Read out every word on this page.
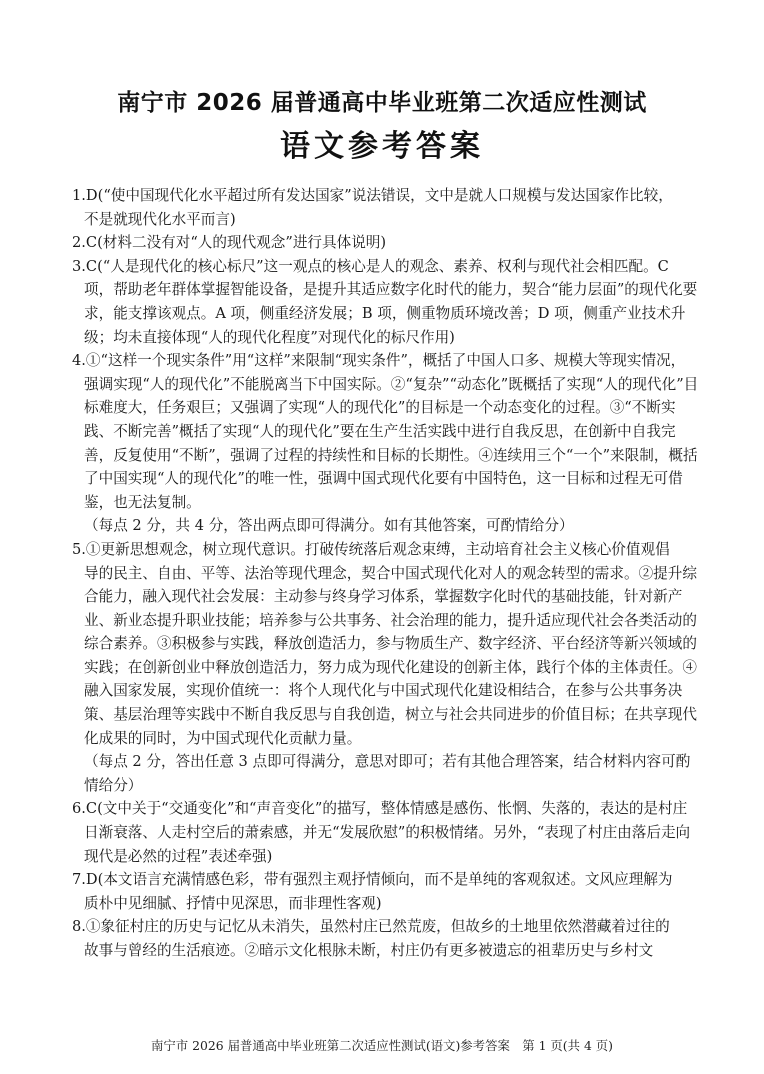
南宁市 2026 届普通高中毕业班第二次适应性测试
语文参考答案
1.D(“使中国现代化水平超过所有发达国家”说法错误，文中是就人口规模与发达国家作比较，
不是就现代化水平而言)
2.C(材料二没有对“人的现代观念”进行具体说明)
3.C(“人是现代化的核心标尺”这一观点的核心是人的观念、素养、权利与现代社会相匹配。C
项，帮助老年群体掌握智能设备，是提升其适应数字化时代的能力，契合“能力层面”的现代化要求，能支撑该观点。A 项，侧重经济发展；B 项，侧重物质环境改善；D 项，侧重产业技术升级；均未直接体现“人的现代化程度”对现代化的标尺作用)
4.①“这样一个现实条件”用“这样”来限制“现实条件”，概括了中国人口多、规模大等现实情况，
强调实现“人的现代化”不能脱离当下中国实际。②“复杂”“动态化”既概括了实现“人的现代化”目标难度大，任务艰巨；又强调了实现“人的现代化”的目标是一个动态变化的过程。③“不断实践、不断完善”概括了实现“人的现代化”要在生产生活实践中进行自我反思，在创新中自我完善，反复使用“不断”，强调了过程的持续性和目标的长期性。④连续用三个“一个”来限制，概括了中国实现“人的现代化”的唯一性，强调中国式现代化要有中国特色，这一目标和过程无可借鉴，也无法复制。
（每点 2 分，共 4 分，答出两点即可得满分。如有其他答案，可酌情给分）
5.①更新思想观念，树立现代意识。打破传统落后观念束缚，主动培育社会主义核心价值观倡
导的民主、自由、平等、法治等现代理念，契合中国式现代化对人的观念转型的需求。②提升综合能力，融入现代社会发展：主动参与终身学习体系，掌握数字化时代的基础技能，针对新产业、新业态提升职业技能；培养参与公共事务、社会治理的能力，提升适应现代社会各类活动的综合素养。③积极参与实践，释放创造活力，参与物质生产、数字经济、平台经济等新兴领域的实践；在创新创业中释放创造活力，努力成为现代化建设的创新主体，践行个体的主体责任。④融入国家发展，实现价值统一：将个人现代化与中国式现代化建设相结合，在参与公共事务决策、基层治理等实践中不断自我反思与自我创造，树立与社会共同进步的价值目标；在共享现代化成果的同时，为中国式现代化贡献力量。
（每点 2 分，答出任意 3 点即可得满分，意思对即可；若有其他合理答案，结合材料内容可酌
情给分）
6.C(文中关于“交通变化”和“声音变化”的描写，整体情感是感伤、怅惘、失落的，表达的是村庄
日渐衰落、人走村空后的萧索感，并无“发展欣慰”的积极情绪。另外，“表现了村庄由落后走向现代是必然的过程”表述牵强)
7.D(本文语言充满情感色彩，带有强烈主观抒情倾向，而不是单纯的客观叙述。文风应理解为
质朴中见细腻、抒情中见深思，而非理性客观)
8.①象征村庄的历史与记忆从未消失，虽然村庄已然荒废，但故乡的土地里依然潜藏着过往的
故事与曾经的生活痕迹。②暗示文化根脉未断，村庄仍有更多被遗忘的祖辈历史与乡村文
南宁市 2026 届普通高中毕业班第二次适应性测试(语文)参考答案　第 1 页(共 4 页)
